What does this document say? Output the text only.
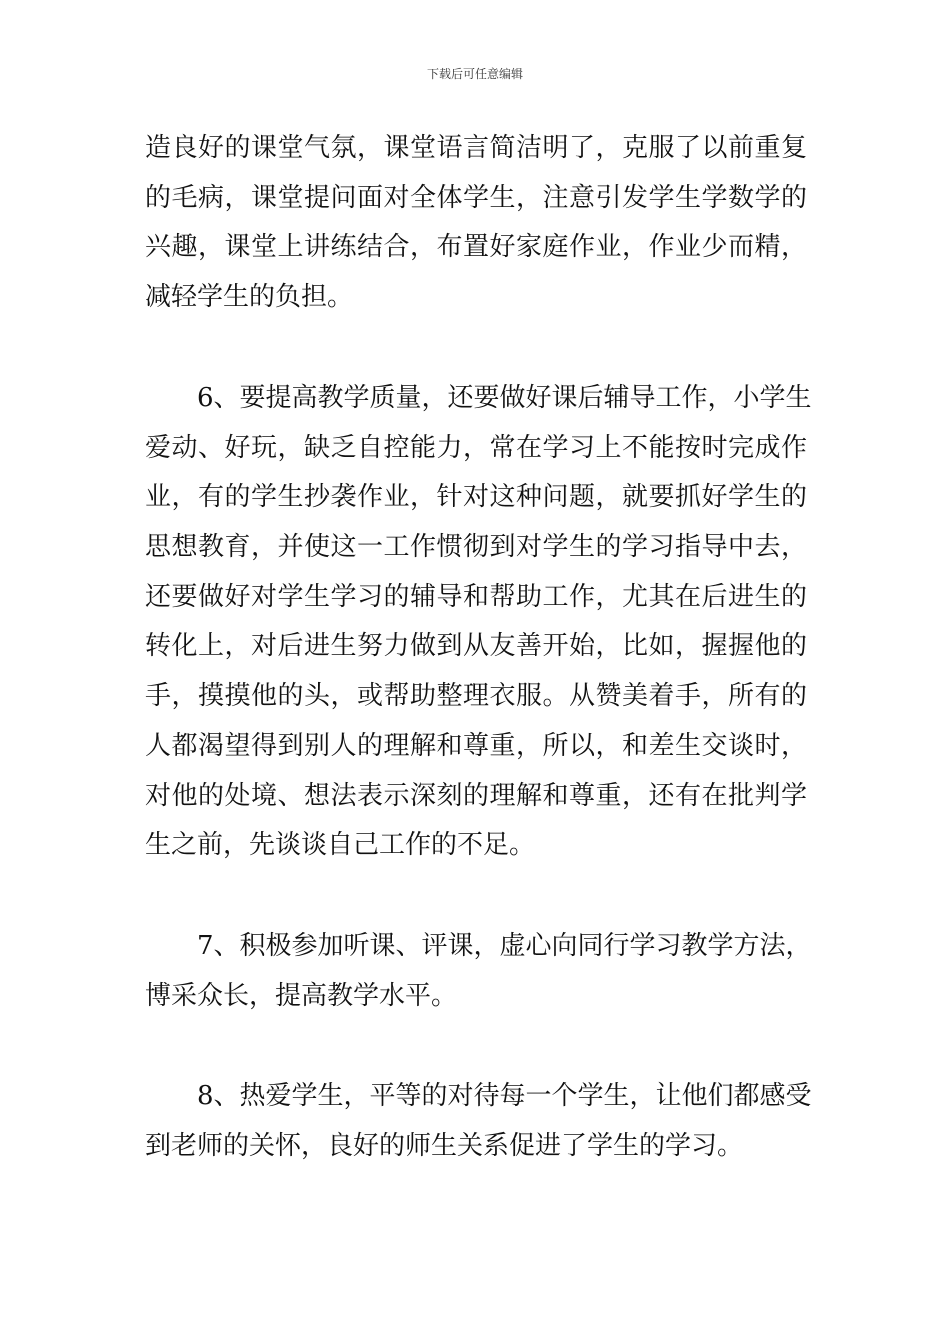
下载后可任意编辑
造良好的课堂气氛，课堂语言简洁明了，克服了以前重复
的毛病，课堂提问面对全体学生，注意引发学生学数学的
兴趣，课堂上讲练结合，布置好家庭作业，作业少而精，
减轻学生的负担。
6、要提高教学质量，还要做好课后辅导工作，小学生
爱动、好玩，缺乏自控能力，常在学习上不能按时完成作
业，有的学生抄袭作业，针对这种问题，就要抓好学生的
思想教育，并使这一工作惯彻到对学生的学习指导中去，
还要做好对学生学习的辅导和帮助工作，尤其在后进生的
转化上，对后进生努力做到从友善开始，比如，握握他的
手，摸摸他的头，或帮助整理衣服。从赞美着手，所有的
人都渴望得到别人的理解和尊重，所以，和差生交谈时，
对他的处境、想法表示深刻的理解和尊重，还有在批判学
生之前，先谈谈自己工作的不足。
7、积极参加听课、评课，虚心向同行学习教学方法，
博采众长，提高教学水平。
8、热爱学生，平等的对待每一个学生，让他们都感受
到老师的关怀，良好的师生关系促进了学生的学习。
